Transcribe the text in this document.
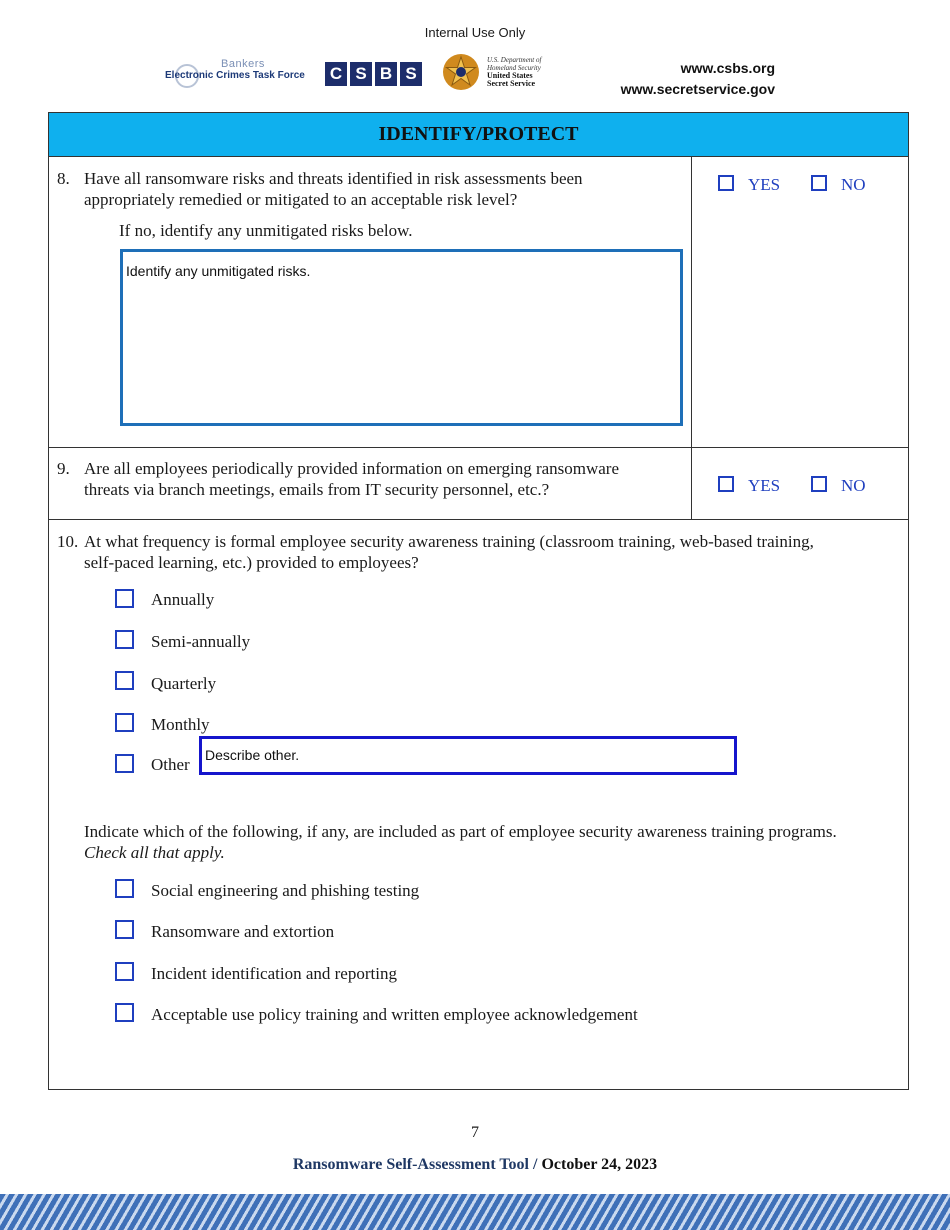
Internal Use Only
Bankers
Electronic Crimes Task Force C S B S
U.S. Department of Homeland Security
United States
Secret Service
www.csbs.org
www.secretservice.gov
IDENTIFY/PROTECT
8. Have all ransomware risks and threats identified in risk assessments been
appropriately remedied or mitigated to an acceptable risk level?
If no, identify any unmitigated risks below.
Identify any unmitigated risks.
YES	NO
9. Are all employees periodically provided information on emerging ransomware
threats via branch meetings, emails from IT security personnel, etc.?	YES	NO
10. At what frequency is formal employee security awareness training (classroom training, web-based training,
self-paced learning, etc.) provided to employees?
Annually
Semi-annually
Quarterly
Monthly
Other Describe other.
Indicate which of the following, if any, are included as part of employee security awareness training programs.
Check all that apply.
Social engineering and phishing testing
Ransomware and extortion
Incident identification and reporting
Acceptable use policy training and written employee acknowledgement
7
Ransomware Self-Assessment Tool / October 24, 2023
